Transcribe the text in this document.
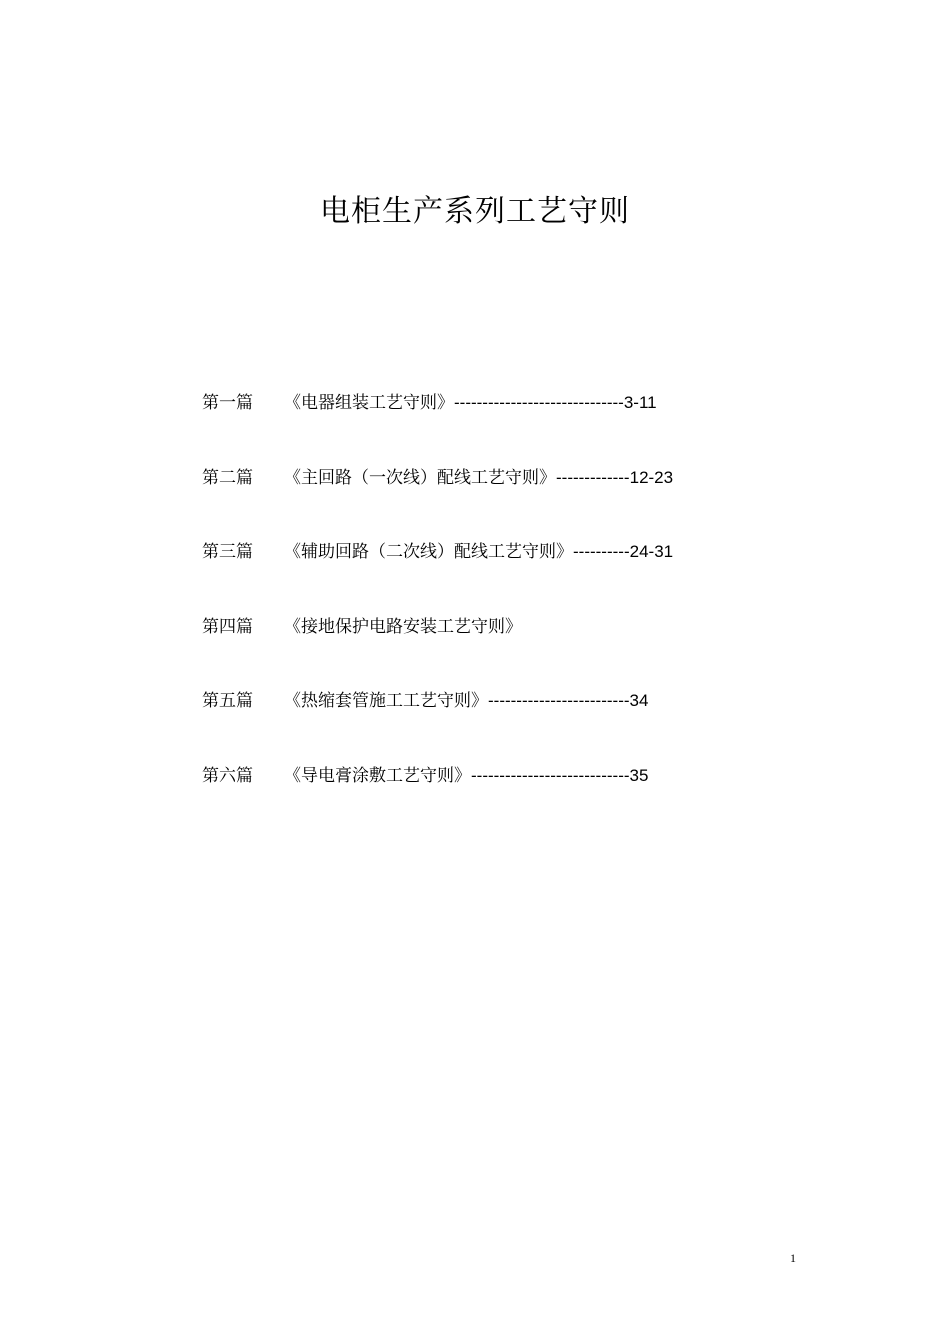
电柜生产系列工艺守则
第一篇	《电器组装工艺守则》 ------------------------------ 3-11
第二篇	《主回路（一次线）配线工艺守则》 ------------- 12-23
第三篇	《辅助回路（二次线）配线工艺守则》 ---------- 24-31
第四篇	《接地保护电路安装工艺守则》
第五篇	《热缩套管施工工艺守则》 ------------------------- 34
第六篇	《导电膏涂敷工艺守则》 ---------------------------- 35
1
